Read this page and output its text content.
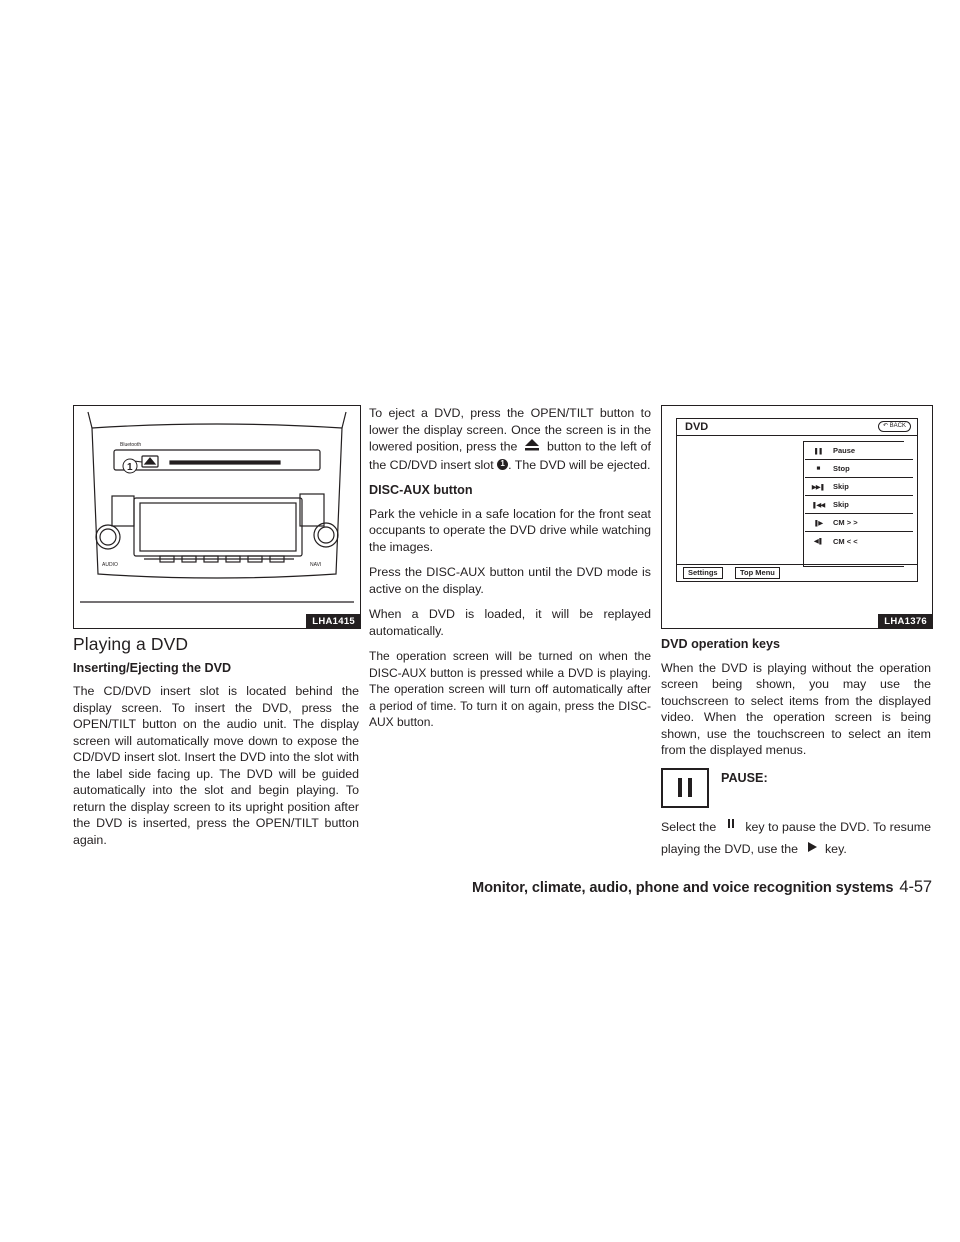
Bluetooth
AUDIO	NAVI
1
LHA1415
DVD	↶ BACK
❚❚	Pause
■	Stop
▶▶❚	Skip
❚◀◀	Skip
❚▶	CM > >
◀❚	CM < <
Settings	Top Menu
LHA1376
Playing a DVD
Inserting/Ejecting the DVD

The CD/DVD insert slot is located behind the display screen. To insert the DVD, press the OPEN/TILT button on the audio unit. The display screen will automatically move down to expose the CD/DVD insert slot. Insert the DVD into the slot with the label side facing up. The DVD will be guided automatically into the slot and begin playing. To return the display screen to its upright position after the DVD is inserted, press the OPEN/TILT button again.

To eject a DVD, press the OPEN/TILT button to lower the display screen. Once the screen is in the lowered position, press the button to the left of the CD/DVD insert slot 1 . The DVD will be ejected.

DISC-AUX button

Park the vehicle in a safe location for the front seat occupants to operate the DVD drive while watching the images.

Press the DISC-AUX button until the DVD mode is active on the display.

When a DVD is loaded, it will be replayed automatically.

The operation screen will be turned on when the DISC-AUX button is pressed while a DVD is playing. The operation screen will turn off automatically after a period of time. To turn it on again, press the DISC-AUX button.

DVD operation keys

When the DVD is playing without the operation screen being shown, you may use the touchscreen to select items from the displayed video. When the operation screen is being shown, use the touchscreen to select an item from the displayed menus.

PAUSE:

Select the key to pause the DVD. To resume playing the DVD, use the key.

Monitor, climate, audio, phone and voice recognition systems 4-57
